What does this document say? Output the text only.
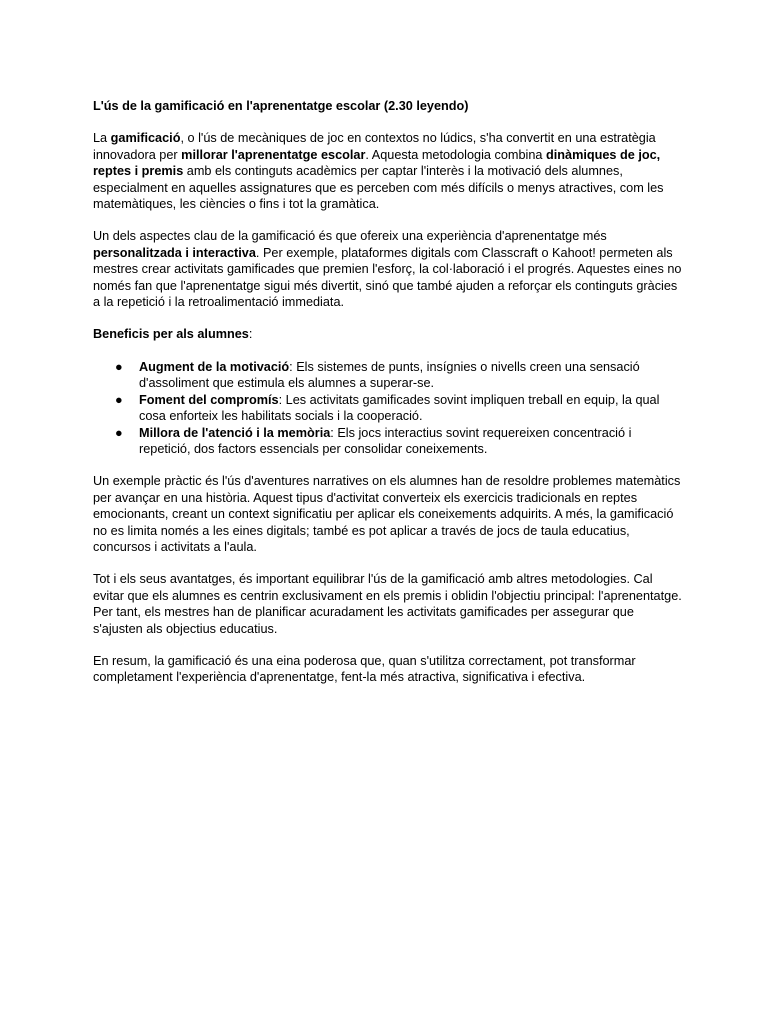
L'ús de la gamificació en l'aprenentatge escolar (2.30 leyendo)

La gamificació, o l'ús de mecàniques de joc en contextos no lúdics, s'ha convertit en una estratègia innovadora per millorar l'aprenentatge escolar. Aquesta metodologia combina dinàmiques de joc, reptes i premis amb els continguts acadèmics per captar l'interès i la motivació dels alumnes, especialment en aquelles assignatures que es perceben com més difícils o menys atractives, com les matemàtiques, les ciències o fins i tot la gramàtica.

Un dels aspectes clau de la gamificació és que ofereix una experiència d'aprenentatge més personalitzada i interactiva. Per exemple, plataformes digitals com Classcraft o Kahoot! permeten als mestres crear activitats gamificades que premien l'esforç, la col·laboració i el progrés. Aquestes eines no només fan que l'aprenentatge sigui més divertit, sinó que també ajuden a reforçar els continguts gràcies a la repetició i la retroalimentació immediata.

Beneficis per als alumnes:

● Augment de la motivació: Els sistemes de punts, insígnies o nivells creen una sensació d'assoliment que estimula els alumnes a superar-se.
● Foment del compromís: Les activitats gamificades sovint impliquen treball en equip, la qual cosa enforteix les habilitats socials i la cooperació.
● Millora de l'atenció i la memòria: Els jocs interactius sovint requereixen concentració i repetició, dos factors essencials per consolidar coneixements.

Un exemple pràctic és l'ús d'aventures narratives on els alumnes han de resoldre problemes matemàtics per avançar en una història. Aquest tipus d'activitat converteix els exercicis tradicionals en reptes emocionants, creant un context significatiu per aplicar els coneixements adquirits. A més, la gamificació no es limita només a les eines digitals; també es pot aplicar a través de jocs de taula educatius, concursos i activitats a l'aula.

Tot i els seus avantatges, és important equilibrar l'ús de la gamificació amb altres metodologies. Cal evitar que els alumnes es centrin exclusivament en els premis i oblidin l'objectiu principal: l'aprenentatge. Per tant, els mestres han de planificar acuradament les activitats gamificades per assegurar que s'ajusten als objectius educatius.

En resum, la gamificació és una eina poderosa que, quan s'utilitza correctament, pot transformar completament l'experiència d'aprenentatge, fent-la més atractiva, significativa i efectiva.
